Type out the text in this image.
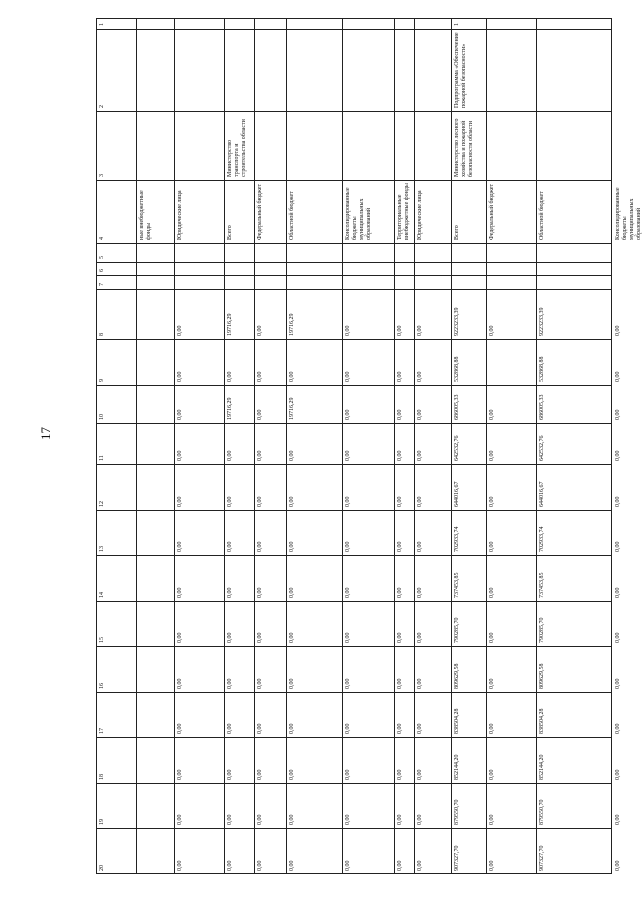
17
1
2
3
4
5
6
7
8
9
10
11
12
13
14
15
16
17
18
19
20
ные внебюджетные фонды	Юридические лица
0,00
0,00
0,00
0,00
0,00
0,00
0,00
0,00
0,00
0,00
0,00
0,00
0,00
Министерство транспорта и строительства области
Всего
19716,29
0,00
19716,29
0,00
0,00
0,00
0,00
0,00
0,00
0,00
0,00
0,00
0,00
Федеральный бюджет
0,00
0,00
0,00
0,00
0,00
0,00
0,00
0,00
0,00
0,00
0,00
0,00
0,00
Областной бюджет
19716,29
0,00
19716,29
0,00
0,00
0,00
0,00
0,00
0,00
0,00
0,00
0,00
0,00
Консолидированные бюджеты муниципальных образований
0,00
0,00
0,00
0,00
0,00
0,00
0,00
0,00
0,00
0,00
0,00
0,00
0,00
Территориальные внебюджетные фонды
0,00
0,00
0,00
0,00
0,00
0,00
0,00
0,00
0,00
0,00
0,00
0,00
0,00
Юридические лица
0,00
0,00
0,00
0,00
0,00
0,00
0,00
0,00
0,00
0,00
0,00
0,00
0,00
1
Подпрограмма «Обеспечение пожарной безопасности»
Министерство лесного хозяйства и пожарной безопасности области
Всего
9223233,39
532868,88
686005,33
642532,76
644016,67
702933,74
737453,85
790285,70
809629,58
838504,28
852144,20
879550,70
907327,70
Федеральный бюджет
0,00
0,00
0,00
0,00
0,00
0,00
0,00
0,00
0,00
0,00
0,00
0,00
Областной бюджет
9223233,39
532868,88
686005,33
642532,76
644016,67
702933,74
737453,85
790285,70
809629,58
838504,28
852144,20
879550,70
907327,70
Консолидированные бюджеты муниципальных образований
0,00
0,00
0,00
0,00
0,00
0,00
0,00
0,00
0,00
0,00
0,00
0,00
0,00
